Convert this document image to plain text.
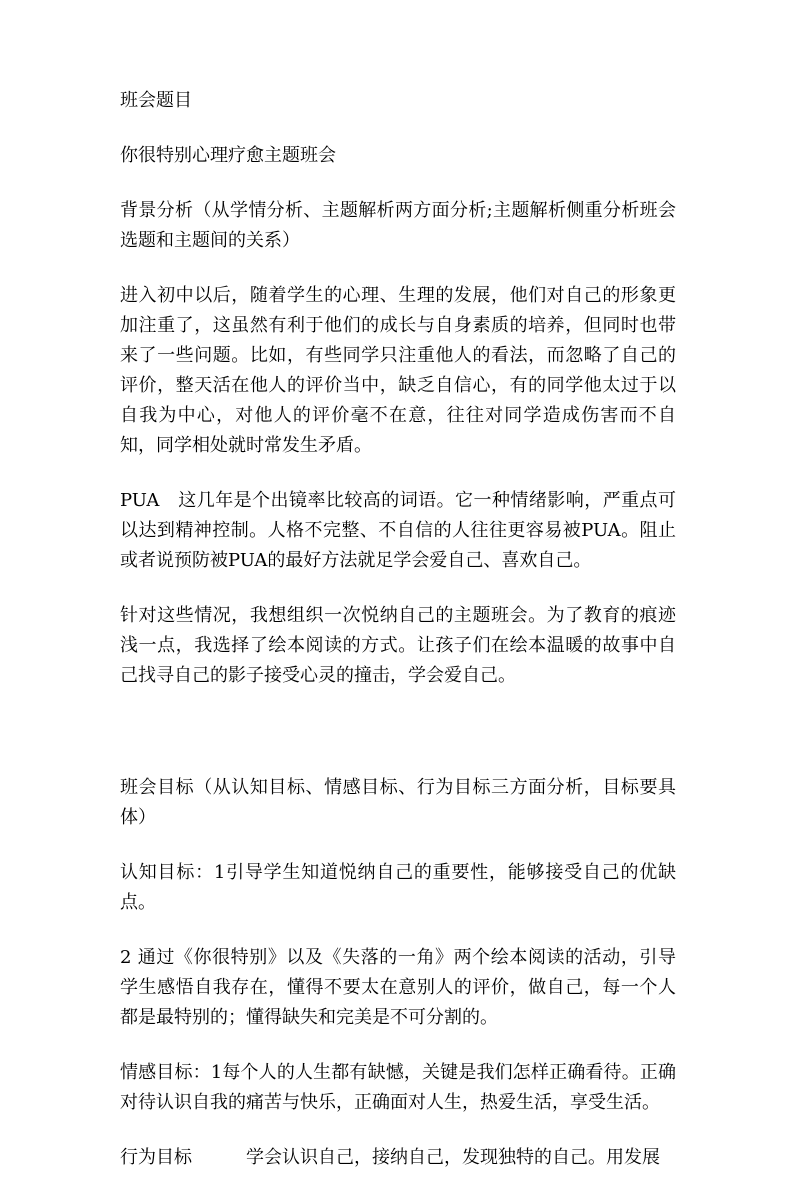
班会题目

你很特别心理疗愈主题班会

背景分析（从学情分析、主题解析两方面分析;主题解析侧重分析班会选题和主题间的关系）

进入初中以后，随着学生的心理、生理的发展，他们对自己的形象更加注重了，这虽然有利于他们的成长与自身素质的培养，但同时也带来了一些问题。比如，有些同学只注重他人的看法，而忽略了自己的评价，整天活在他人的评价当中，缺乏自信心，有的同学他太过于以自我为中心，对他人的评价毫不在意，往往对同学造成伤害而不自知，同学相处就时常发生矛盾。

PUA　这几年是个出镜率比较高的词语。它一种情绪影响，严重点可以达到精神控制。人格不完整、不自信的人往往更容易被PUA。阻止或者说预防被PUA的最好方法就足学会爱自己、喜欢自己。

针对这些情况，我想组织一次悦纳自己的主题班会。为了教育的痕迹浅一点，我选择了绘本阅读的方式。让孩子们在绘本温暖的故事中自己找寻自己的影子接受心灵的撞击，学会爱自己。

班会目标（从认知目标、情感目标、行为目标三方面分析，目标要具体）

认知目标：1引导学生知道悦纳自己的重要性，能够接受自己的优缺点。

2 通过《你很特别》以及《失落的一角》两个绘本阅读的活动，引导学生感悟自我存在，懂得不要太在意别人的评价，做自己，每一个人都是最特别的；懂得缺失和完美是不可分割的。

情感目标：1每个人的人生都有缺憾，关键是我们怎样正确看待。正确对待认识自我的痛苦与快乐，正确面对人生，热爱生活，享受生活。

行为目标　　　学会认识自己，接纳自己，发现独特的自己。用发展
